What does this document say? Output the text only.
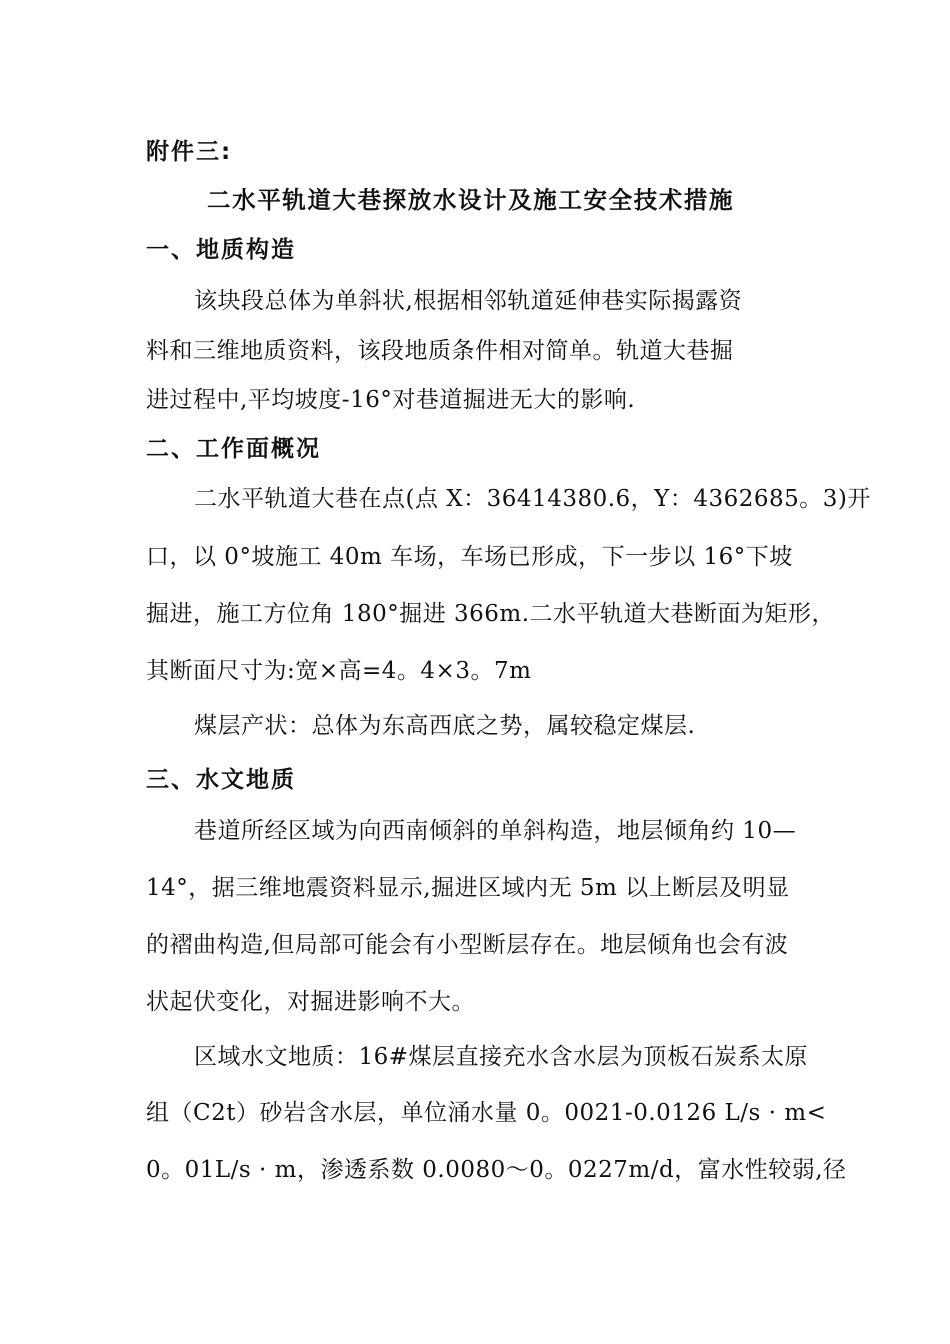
附件三:
二水平轨道大巷探放水设计及施工安全技术措施
一、地质构造
该块段总体为单斜状,根据相邻轨道延伸巷实际揭露资
料和三维地质资料，该段地质条件相对简单。轨道大巷掘
进过程中,平均坡度-16°对巷道掘进无大的影响.
二、工作面概况
二水平轨道大巷在点(点 X：36414380.6，Y：4362685。3)开
口，以 0°坡施工 40m 车场，车场已形成，下一步以 16°下坡
掘进，施工方位角 180°掘进 366m.二水平轨道大巷断面为矩形，
其断面尺寸为:宽×高=4。4×3。7m
煤层产状：总体为东高西底之势，属较稳定煤层.
三、水文地质
巷道所经区域为向西南倾斜的单斜构造，地层倾角约 10—
14°，据三维地震资料显示,掘进区域内无 5m 以上断层及明显
的褶曲构造,但局部可能会有小型断层存在。地层倾角也会有波
状起伏变化，对掘进影响不大。
区域水文地质：16#煤层直接充水含水层为顶板石炭系太原
组（C2t）砂岩含水层，单位涌水量 0。0021-0.0126 L/s · m<
0。01L/s · m，渗透系数 0.0080～0。0227m/d，富水性较弱,径
